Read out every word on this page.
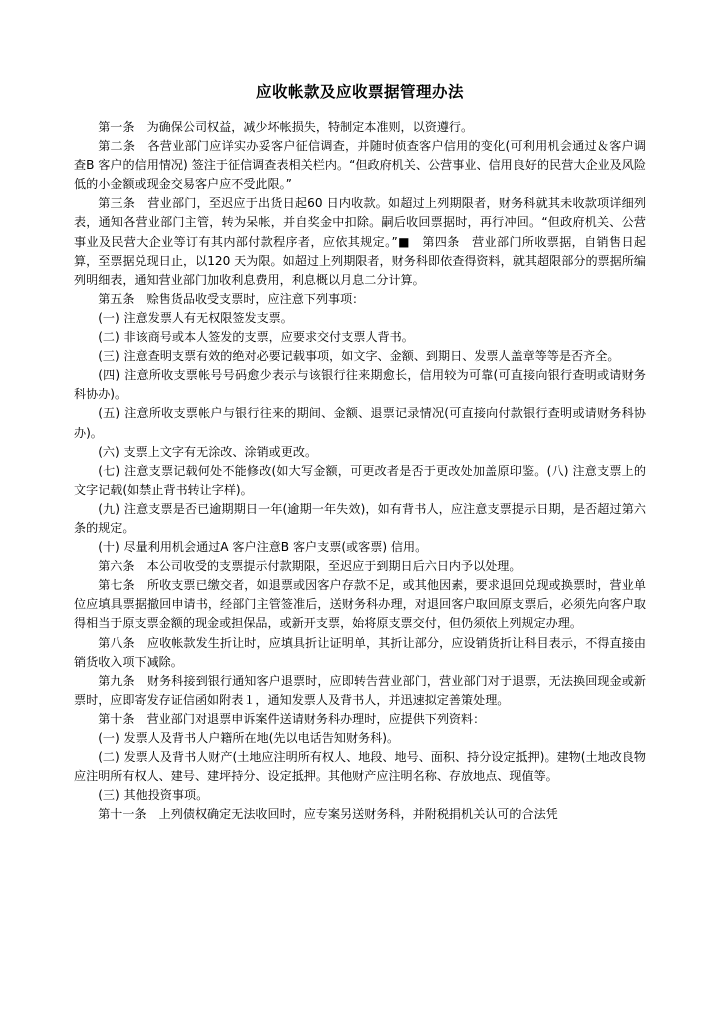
应收帐款及应收票据管理办法

第一条　为确保公司权益，减少坏帐损失，特制定本准则，以资遵行。

第二条　各营业部门应详实办妥客户征信调查，并随时侦查客户信用的变化(可利用机会通过＆客户调查B 客户的信用情况) 签注于征信调查表相关栏内。“但政府机关、公营事业、信用良好的民营大企业及风险低的小金额或现金交易客户应不受此限。”

第三条　营业部门，至迟应于出货日起60 日内收款。如超过上列期限者，财务科就其未收款项详细列表，通知各营业部门主管，转为呆帐，并自奖金中扣除。嗣后收回票据时，再行冲回。“但政府机关、公营事业及民营大企业等订有其内部付款程序者，应依其规定。”■　第四条　营业部门所收票据，自销售日起算，至票据兑现日止，以120 天为限。如超过上列期限者，财务科即依查得资料，就其超限部分的票据所编列明细表，通知营业部门加收利息费用，利息概以月息二分计算。

第五条　赊售货品收受支票时，应注意下列事项：

(一) 注意发票人有无权限签发支票。

(二) 非该商号或本人签发的支票，应要求交付支票人背书。

(三) 注意查明支票有效的绝对必要记载事项，如文字、金额、到期日、发票人盖章等等是否齐全。

(四) 注意所收支票帐号号码愈少表示与该银行往来期愈长，信用较为可靠(可直接向银行查明或请财务科协办)。

(五) 注意所收支票帐户与银行往来的期间、金额、退票记录情况(可直接向付款银行查明或请财务科协办)。

(六) 支票上文字有无涂改、涂销或更改。

(七) 注意支票记载何处不能修改(如大写金额，可更改者是否于更改处加盖原印鉴。(八) 注意支票上的文字记载(如禁止背书转让字样)。

(九) 注意支票是否已逾期期日一年(逾期一年失效)，如有背书人，应注意支票提示日期，是否超过第六条的规定。

(十) 尽量利用机会通过A 客户注意B 客户支票(或客票) 信用。

第六条　本公司收受的支票提示付款期限，至迟应于到期日后六日内予以处理。

第七条　所收支票已缴交者，如退票或因客户存款不足，或其他因素，要求退回兑现或换票时，营业单位应填具票据撤回申请书，经部门主管签准后，送财务科办理，对退回客户取回原支票后，必须先向客户取得相当于原支票金额的现金或担保品，或新开支票，始将原支票交付，但仍须依上列规定办理。

第八条　应收帐款发生折让时，应填具折让证明单，其折让部分，应设销货折让科目表示，不得直接由销货收入项下减除。

第九条　财务科接到银行通知客户退票时，应即转告营业部门，营业部门对于退票，无法换回现金或新票时，应即寄发存证信函如附表１，通知发票人及背书人，并迅速拟定善策处理。

第十条　营业部门对退票申诉案件送请财务科办理时，应提供下列资料：

(一) 发票人及背书人户籍所在地(先以电话告知财务科)。

(二) 发票人及背书人财产(土地应注明所有权人、地段、地号、面积、持分设定抵押)。建物(土地改良物 应注明所有权人、建号、建坪持分、设定抵押。其他财产应注明名称、存放地点、现值等。

(三) 其他投资事项。

第十一条　上列债权确定无法收回时，应专案另送财务科，并附税捐机关认可的合法凭
